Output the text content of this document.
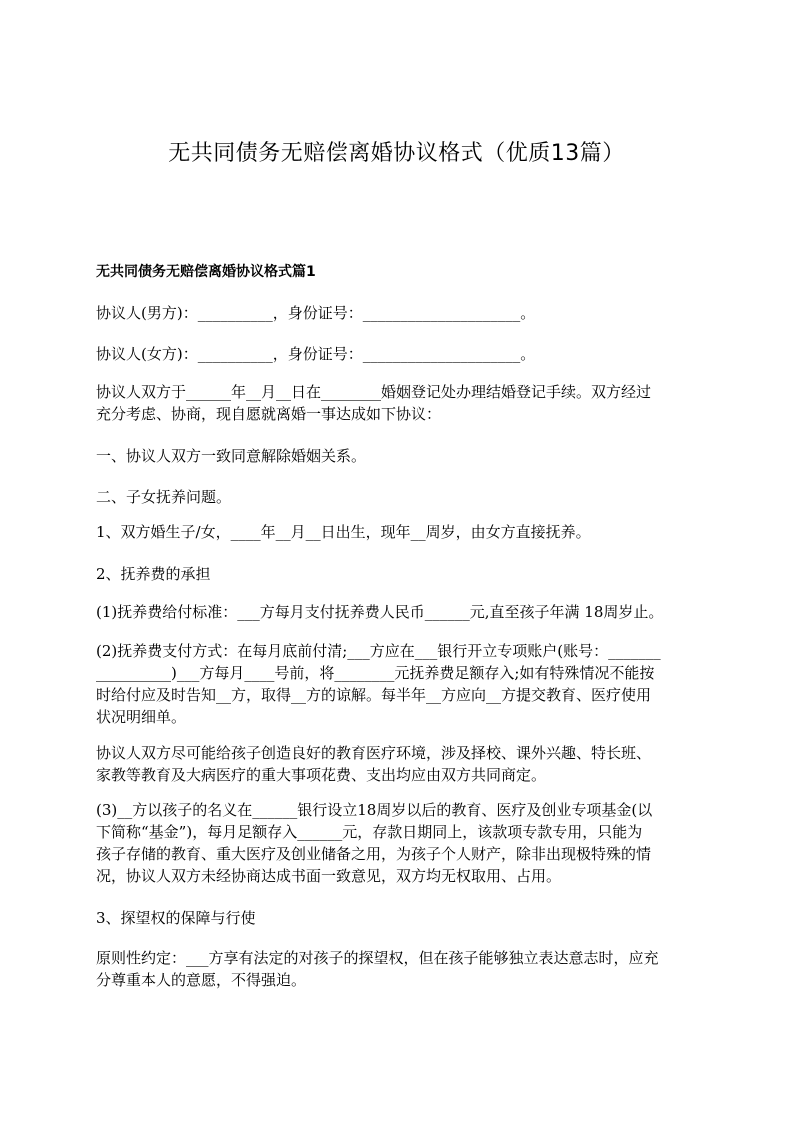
无共同债务无赔偿离婚协议格式（优质13篇）
无共同债务无赔偿离婚协议格式篇1
协议人(男方)：__________，身份证号：_____________________。
协议人(女方)：__________，身份证号：_____________________。
协议人双方于______年__月__日在________婚姻登记处办理结婚登记手续。双方经过
充分考虑、协商，现自愿就离婚一事达成如下协议：
一、协议人双方一致同意解除婚姻关系。
二、子女抚养问题。
1、双方婚生子/女，____年__月__日出生，现年__周岁，由女方直接抚养。
2、抚养费的承担
(1)抚养费给付标准：___方每月支付抚养费人民币______元,直至孩子年满 18周岁止。
(2)抚养费支付方式：在每月底前付清;___方应在___银行开立专项账户(账号：_______
__________)___方每月____号前，将________元抚养费足额存入;如有特殊情况不能按
时给付应及时告知__方，取得__方的谅解。每半年__方应向__方提交教育、医疗使用
状况明细单。
协议人双方尽可能给孩子创造良好的教育医疗环境，涉及择校、课外兴趣、特长班、
家教等教育及大病医疗的重大事项花费、支出均应由双方共同商定。
(3)__方以孩子的名义在______银行设立18周岁以后的教育、医疗及创业专项基金(以
下简称“基金”)，每月足额存入______元，存款日期同上，该款项专款专用，只能为
孩子存储的教育、重大医疗及创业储备之用，为孩子个人财产，除非出现极特殊的情
况，协议人双方未经协商达成书面一致意见，双方均无权取用、占用。
3、探望权的保障与行使
原则性约定：___方享有法定的对孩子的探望权，但在孩子能够独立表达意志时，应充
分尊重本人的意愿，不得强迫。
